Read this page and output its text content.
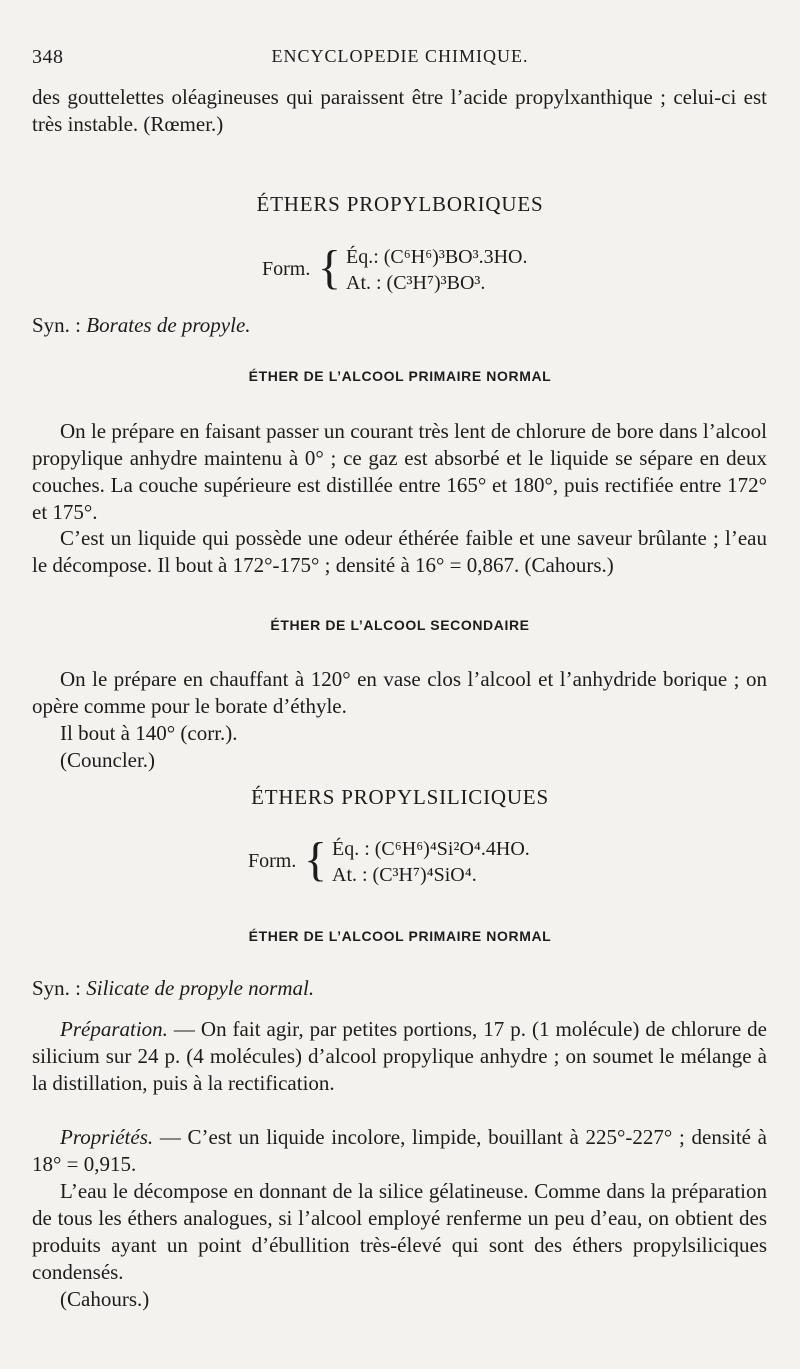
348	ENCYCLOPEDIE CHIMIQUE.
des gouttelettes oléagineuses qui paraissent être l’acide propylxanthique ; celui-ci est très instable. (Rœmer.)
ÉTHERS PROPYLBORIQUES
Form. { Éq.: (C⁶H⁶)³BO³.3HO.
At. : (C³H⁷)³BO³.
Syn. : Borates de propyle.
ÉTHER DE L’ALCOOL PRIMAIRE NORMAL
On le prépare en faisant passer un courant très lent de chlorure de bore dans l’alcool propylique anhydre maintenu à 0° ; ce gaz est absorbé et le liquide se sépare en deux couches. La couche supérieure est distillée entre 165° et 180°, puis rectifiée entre 172° et 175°.
C’est un liquide qui possède une odeur éthérée faible et une saveur brûlante ; l’eau le décompose. Il bout à 172°-175° ; densité à 16° = 0,867. (Cahours.)
ÉTHER DE L’ALCOOL SECONDAIRE
On le prépare en chauffant à 120° en vase clos l’alcool et l’anhydride borique ; on opère comme pour le borate d’éthyle.
Il bout à 140° (corr.).
(Councler.)
ÉTHERS PROPYLSILICIQUES
Form. { Éq. : (C⁶H⁶)⁴Si²O⁴.4HO.
At. : (C³H⁷)⁴SiO⁴.
ÉTHER DE L’ALCOOL PRIMAIRE NORMAL
Syn. : Silicate de propyle normal.
Préparation. — On fait agir, par petites portions, 17 p. (1 molécule) de chlorure de silicium sur 24 p. (4 molécules) d’alcool propylique anhydre ; on soumet le mélange à la distillation, puis à la rectification.
Propriétés. — C’est un liquide incolore, limpide, bouillant à 225°-227° ; densité à 18° = 0,915.
L’eau le décompose en donnant de la silice gélatineuse. Comme dans la préparation de tous les éthers analogues, si l’alcool employé renferme un peu d’eau, on obtient des produits ayant un point d’ébullition très-élevé qui sont des éthers propylsiliciques condensés.
(Cahours.)
